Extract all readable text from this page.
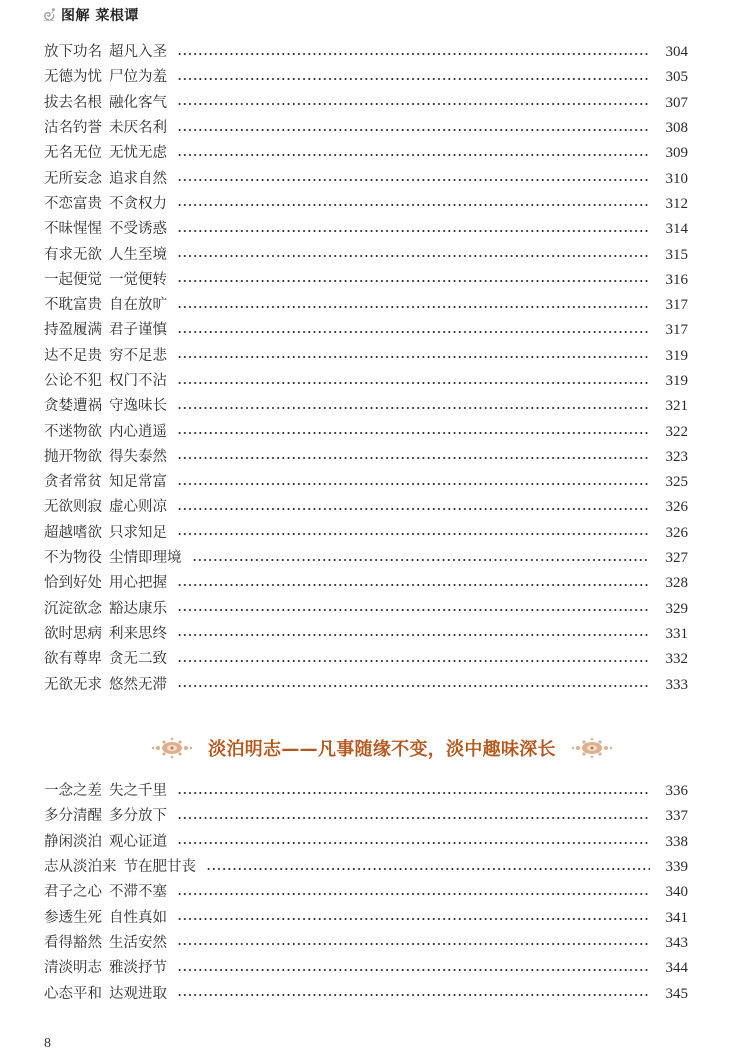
图解 菜根谭
放下功名 超凡入圣	304
无德为忧 尸位为羞	305
拔去名根 融化客气	307
沽名钓誉 未厌名利	308
无名无位 无忧无虑	309
无所妄念 追求自然	310
不恋富贵 不贪权力	312
不昧惺惺 不受诱惑	314
有求无欲 人生至境	315
一起便觉 一觉便转	316
不耽富贵 自在放旷	317
持盈履满 君子谨慎	317
达不足贵 穷不足悲	319
公论不犯 权门不沾	319
贪婪遭祸 守逸味长	321
不迷物欲 内心逍遥	322
抛开物欲 得失泰然	323
贪者常贫 知足常富	325
无欲则寂 虚心则凉	326
超越嗜欲 只求知足	326
不为物役 尘情即理境	327
恰到好处 用心把握	328
沉淀欲念 豁达康乐	329
欲时思病 利来思终	331
欲有尊卑 贪无二致	332
无欲无求 悠然无滞	333
淡泊明志——凡事随缘不变，淡中趣味深长
一念之差 失之千里	336
多分清醒 多分放下	337
静闲淡泊 观心证道	338
志从淡泊来 节在肥甘丧	339
君子之心 不滞不塞	340
参透生死 自性真如	341
看得豁然 生活安然	343
清淡明志 雅淡抒节	344
心态平和 达观进取	345
8
